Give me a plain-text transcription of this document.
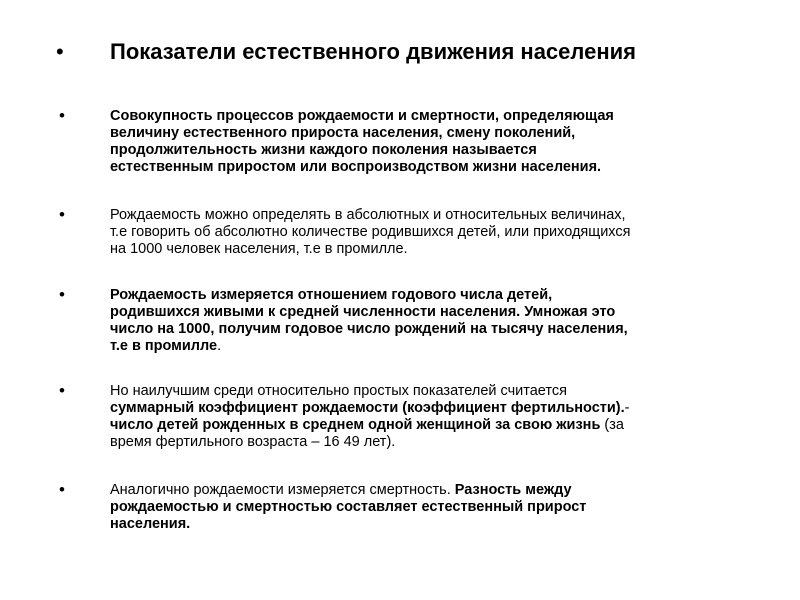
• Показатели естественного движения населения
•	Совокупность процессов рождаемости и смертности, определяющая
величину естественного прироста населения, смену поколений,
продолжительность жизни каждого поколения называется
естественным приростом или воспроизводством жизни населения.
•	Рождаемость можно определять в абсолютных и относительных величинах,
т.е говорить об абсолютно количестве родившихся детей, или приходящихся
на 1000 человек населения, т.е в промилле.
•	Рождаемость измеряется отношением годового числа детей,
родившихся живыми к средней численности населения. Умножая это
число на 1000, получим годовое число рождений на тысячу населения,
т.е в промилле.
•	Но наилучшим среди относительно простых показателей считается
суммарный коэффициент рождаемости (коэффициент фертильности).-
число детей рожденных в среднем одной женщиной за свою жизнь (за
время фертильного возраста – 16 49 лет).
•	Аналогично рождаемости измеряется смертность. Разность между
рождаемостью и смертностью составляет естественный прирост
населения.
